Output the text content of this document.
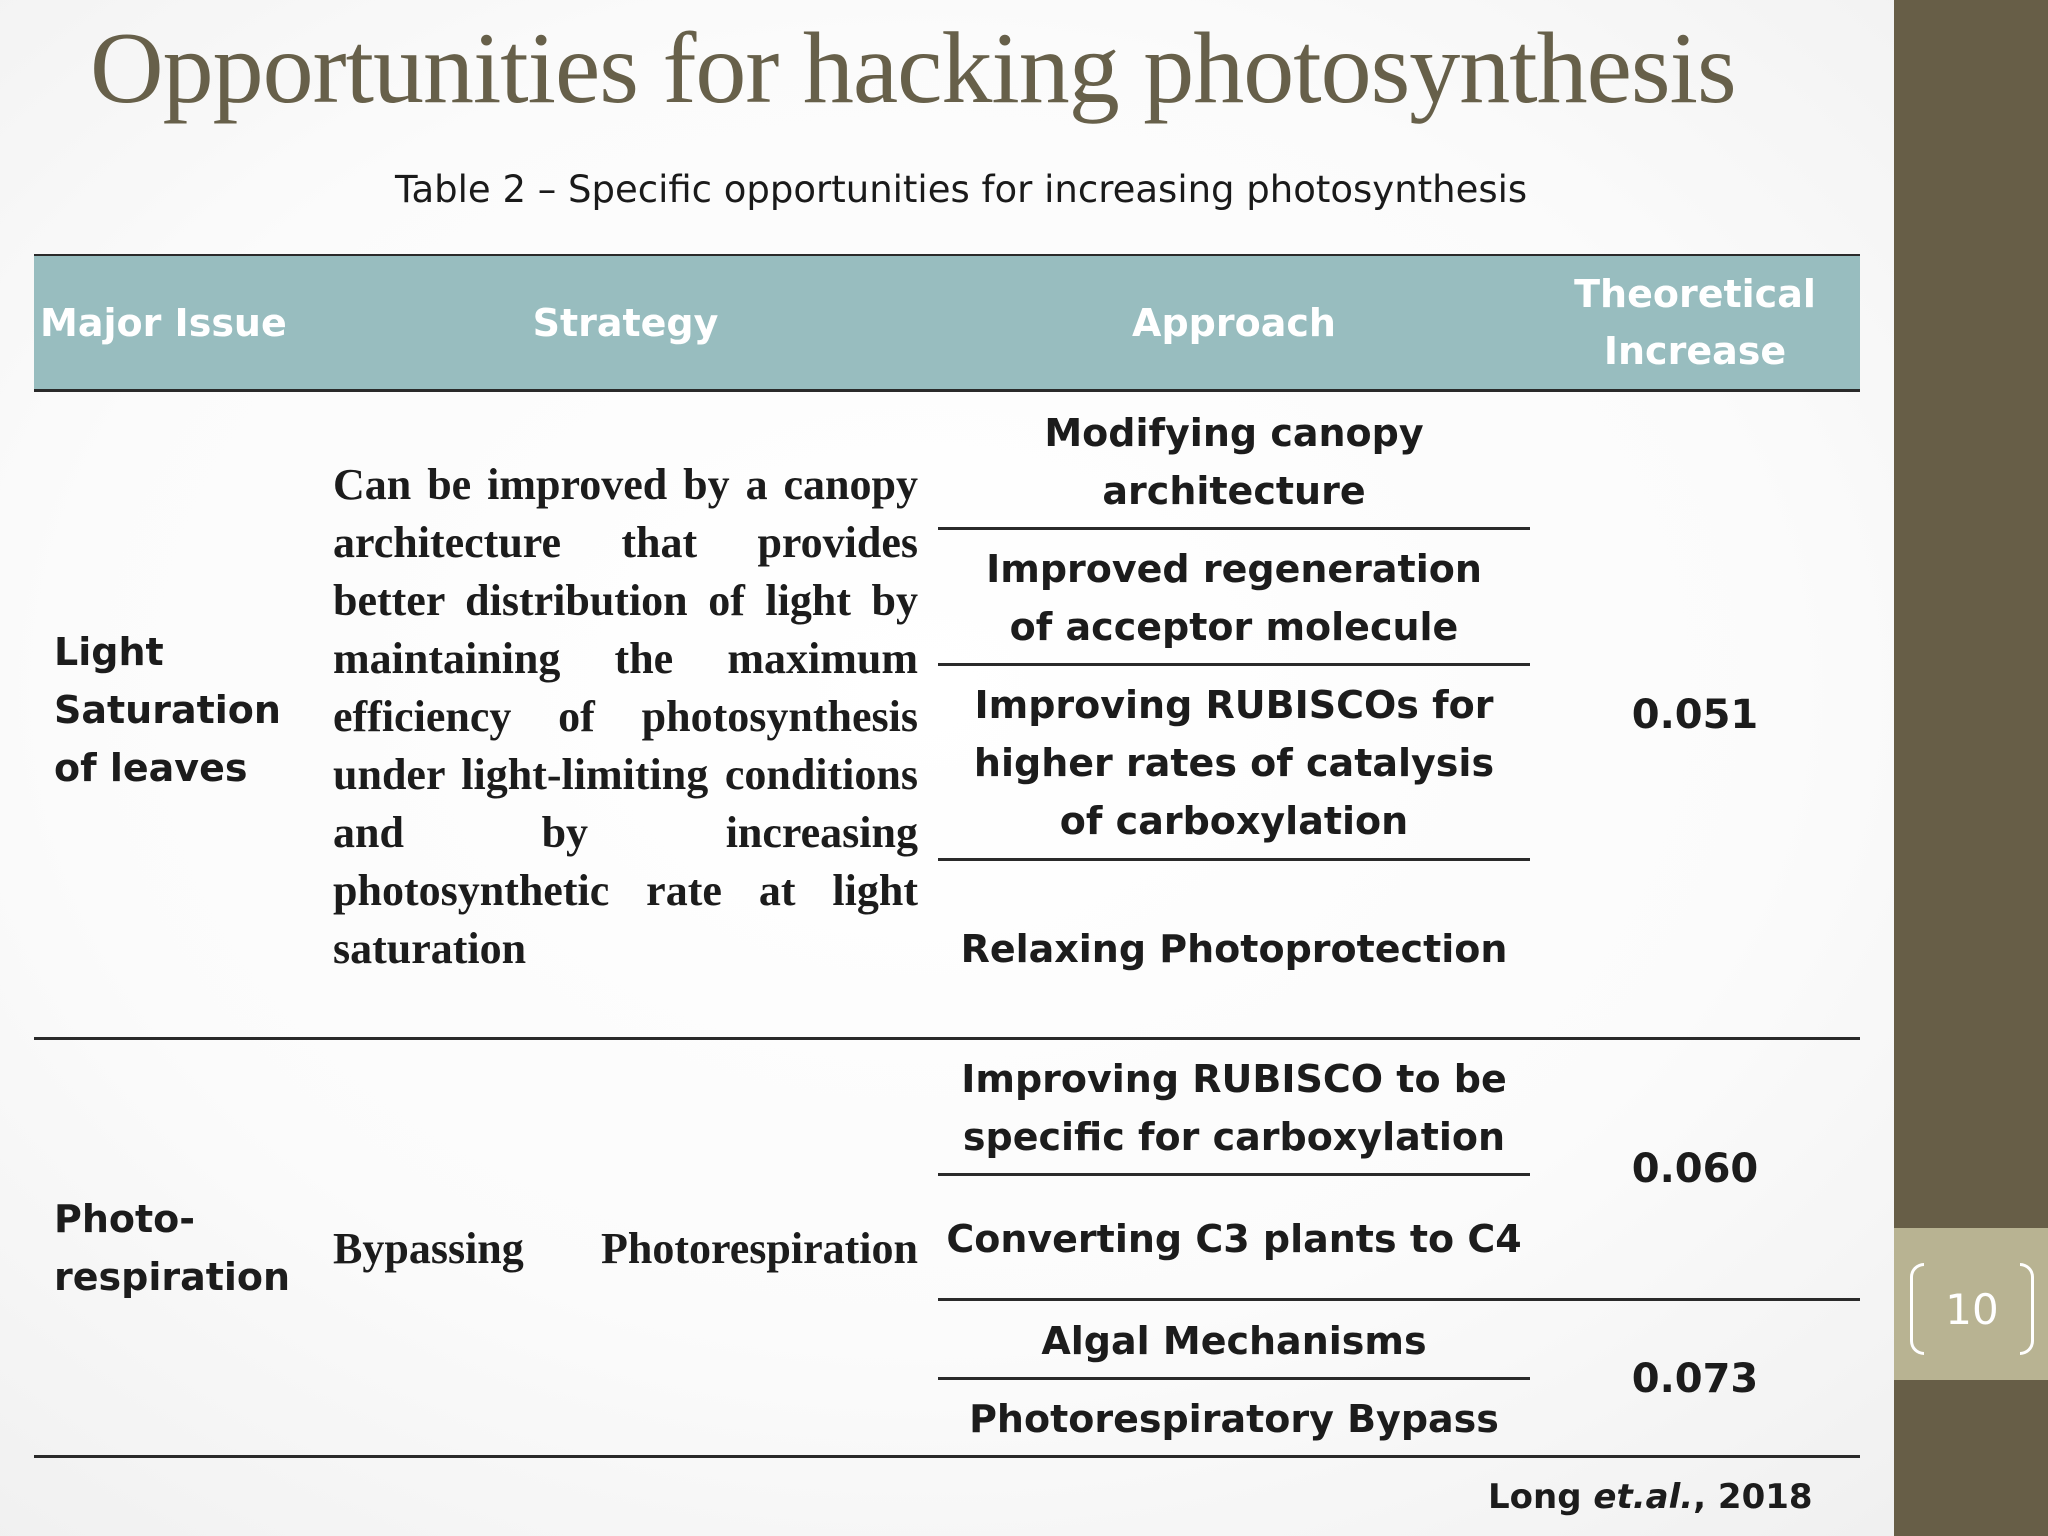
10
Opportunities for hacking photosynthesis
Table 2 – Specific opportunities for increasing photosynthesis
Major Issue	Strategy	Approach
Theoretical Increase
Light Saturation of leaves
Can be improved by a canopy architecture that provides better distribution of light by maintaining the maximum efficiency of photosynthesis under light-limiting conditions and by increasing photosynthetic rate at light saturation
Modifying canopy architecture
Improved regeneration of acceptor molecule
Improving RUBISCOs for higher rates of catalysis of carboxylation
Relaxing Photoprotection
0.051
Photo-respiration
Bypassing Photorespiration
Improving RUBISCO to be specific for carboxylation
Converting C3 plants to C4
Algal Mechanisms
Photorespiratory Bypass
0.060
0.073
Long et.al., 2018
